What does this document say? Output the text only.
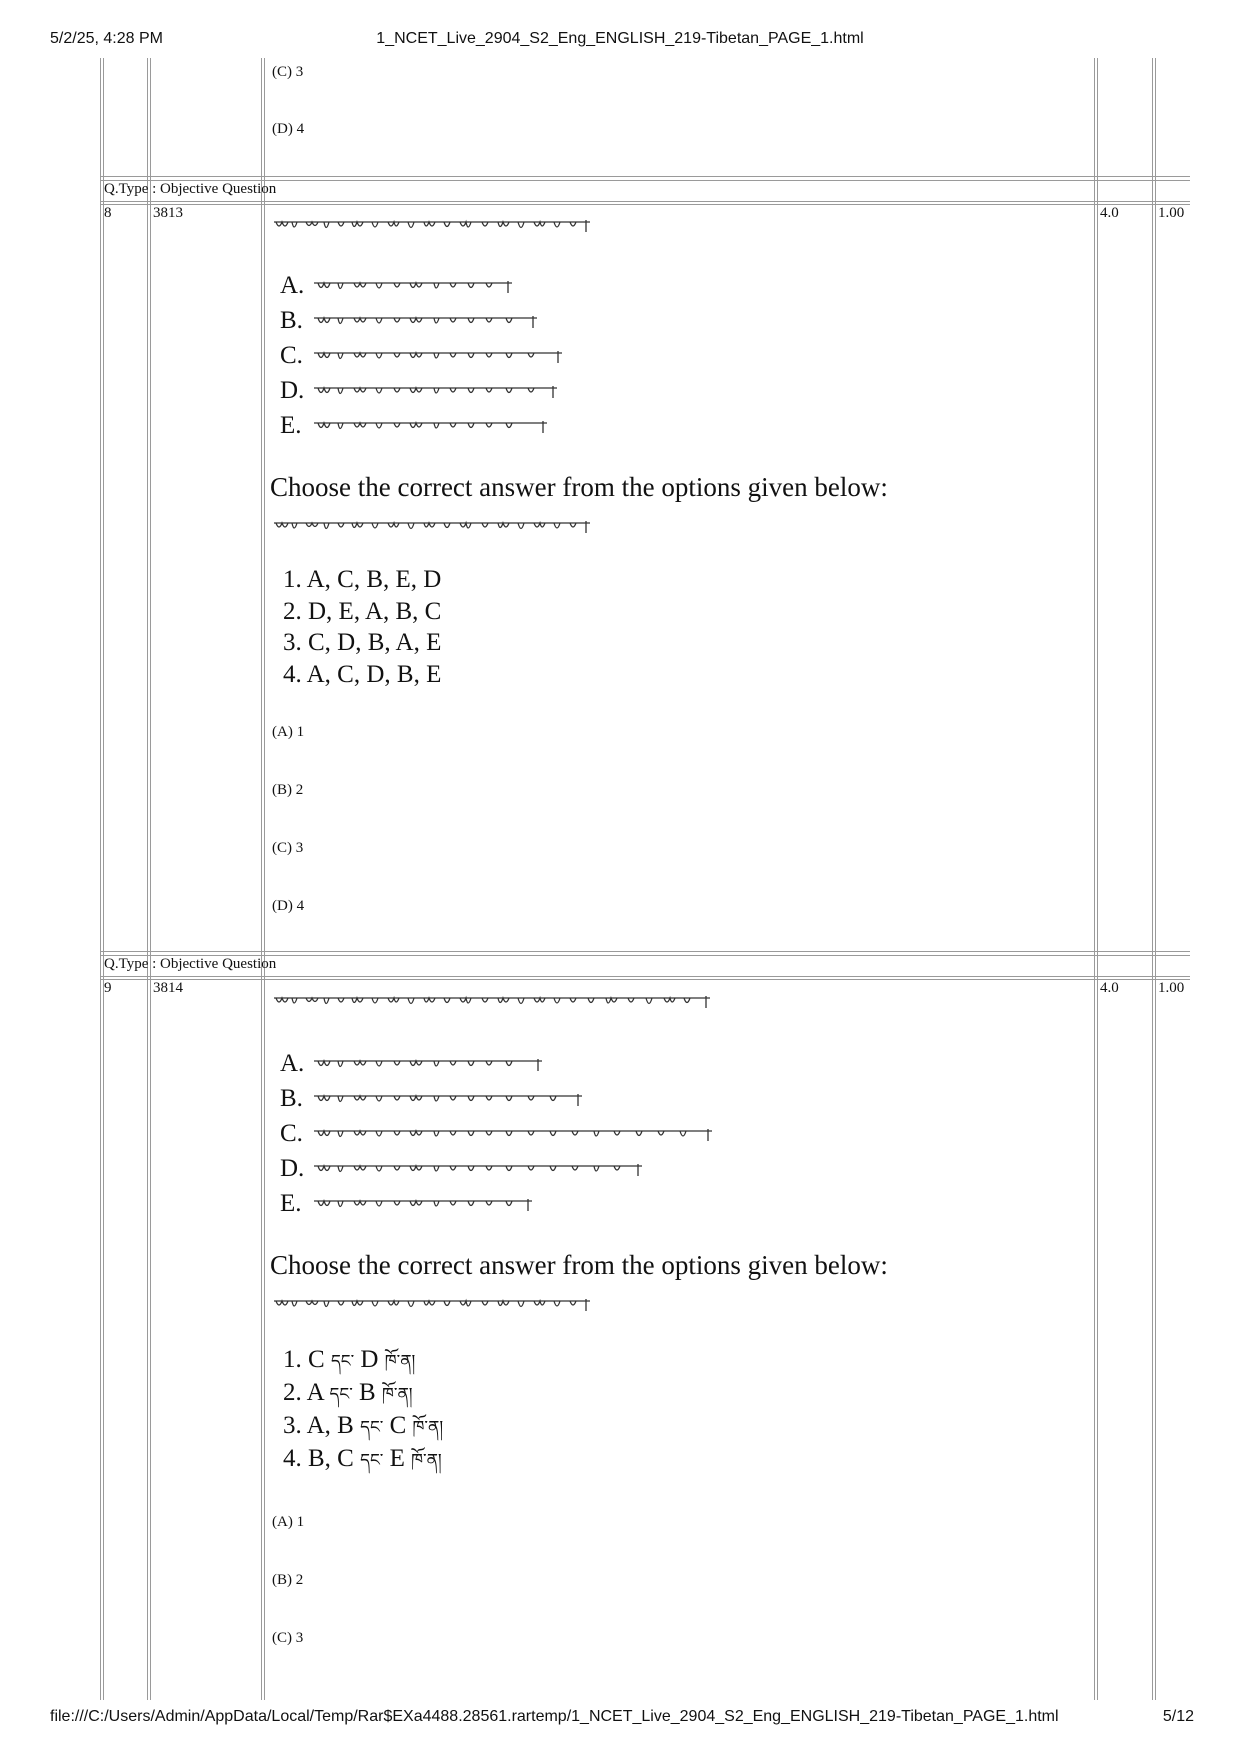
5/2/25, 4:28 PM	1_NCET_Live_2904_S2_Eng_ENGLISH_219-Tibetan_PAGE_1.html
(C) 3
(D) 4
Q.Type : Objective Question
8	3813	4.0	1.00
A.
B.
C.
D.
E.
Choose the correct answer from the options given below:
1. A, C, B, E, D
2. D, E, A, B, C
3. C, D, B, A, E
4. A, C, D, B, E
(A) 1
(B) 2
(C) 3
(D) 4
Q.Type : Objective Question
9	3814	4.0	1.00
A.
B.
C.
D.
E.
Choose the correct answer from the options given below:
1. C དང་ D ཁོ་ན།
2. A དང་ B ཁོ་ན།
3. A, B དང་ C ཁོ་ན།
4. B, C དང་ E ཁོ་ན།
(A) 1
(B) 2
(C) 3
file:///C:/Users/Admin/AppData/Local/Temp/Rar$EXa4488.28561.rartemp/1_NCET_Live_2904_S2_Eng_ENGLISH_219-Tibetan_PAGE_1.html	5/12
